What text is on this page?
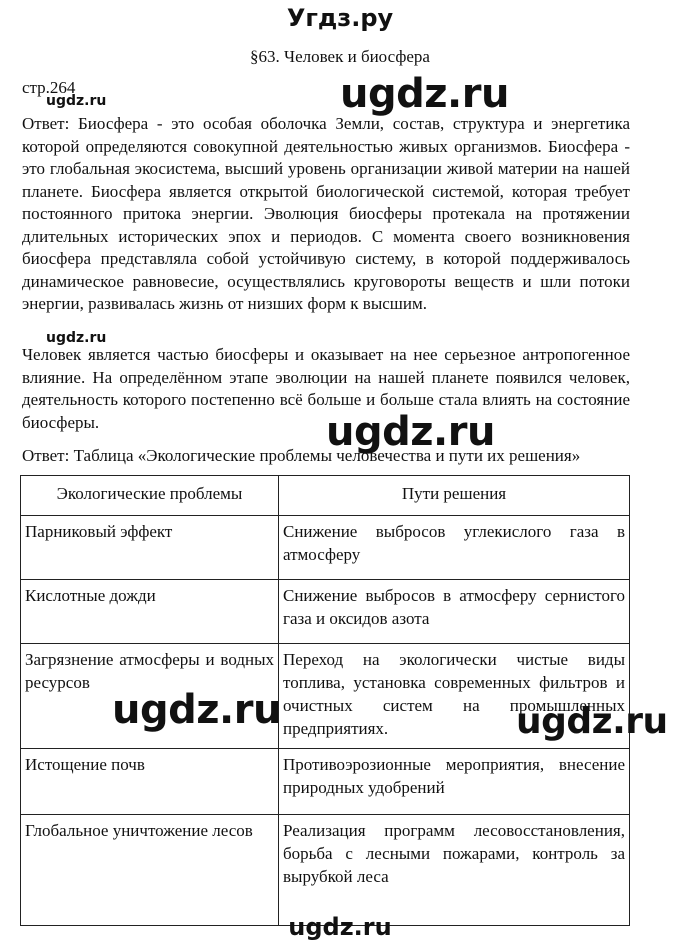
Угдз.ру
§63. Человек и биосфера
стр.264
ugdz.ru	ugdz.ru

Ответ: Биосфера - это особая оболочка Земли, состав, структура и энергетика которой определяются совокупной деятельностью живых организмов. Биосфера - это глобальная экосистема, высший уровень организации живой материи на нашей планете. Биосфера является открытой биологической системой, которая требует постоянного притока энергии. Эволюция биосферы протекала на протяжении длительных исторических эпох и периодов. С момента своего возникновения биосфера представляла собой устойчивую систему, в которой поддерживалось динамическое равновесие, осуществлялись круговороты веществ и шли потоки энергии, развивалась жизнь от низших форм к высшим.

ugdz.ru

Человек является частью биосферы и оказывает на нее серьезное антропогенное влияние. На определённом этапе эволюции на нашей планете появился человек, деятельность которого постепенно всё больше и больше стала влиять на состояние биосферы.

Ответ: Таблица «Экологические проблемы человечества и пути их решения»
Экологические проблемы	Пути решения
Парниковый эффект	Снижение выбросов углекислого газа в атмосферу
Кислотные дожди	Снижение выбросов в атмосферу сернистого газа и оксидов азота
Загрязнение атмосферы и водных ресурсов	Переход на экологически чистые виды топлива, установка современных фильтров и очистных систем на промышленных предприятиях.
Истощение почв	Противоэрозионные мероприятия, внесение природных удобрений
Глобальное уничтожение лесов	Реализация программ лесовосстановления, борьба с лесными пожарами, контроль за вырубкой леса
ugdz.ru
ugdz.ru	ugdz.ru
ugdz.ru
